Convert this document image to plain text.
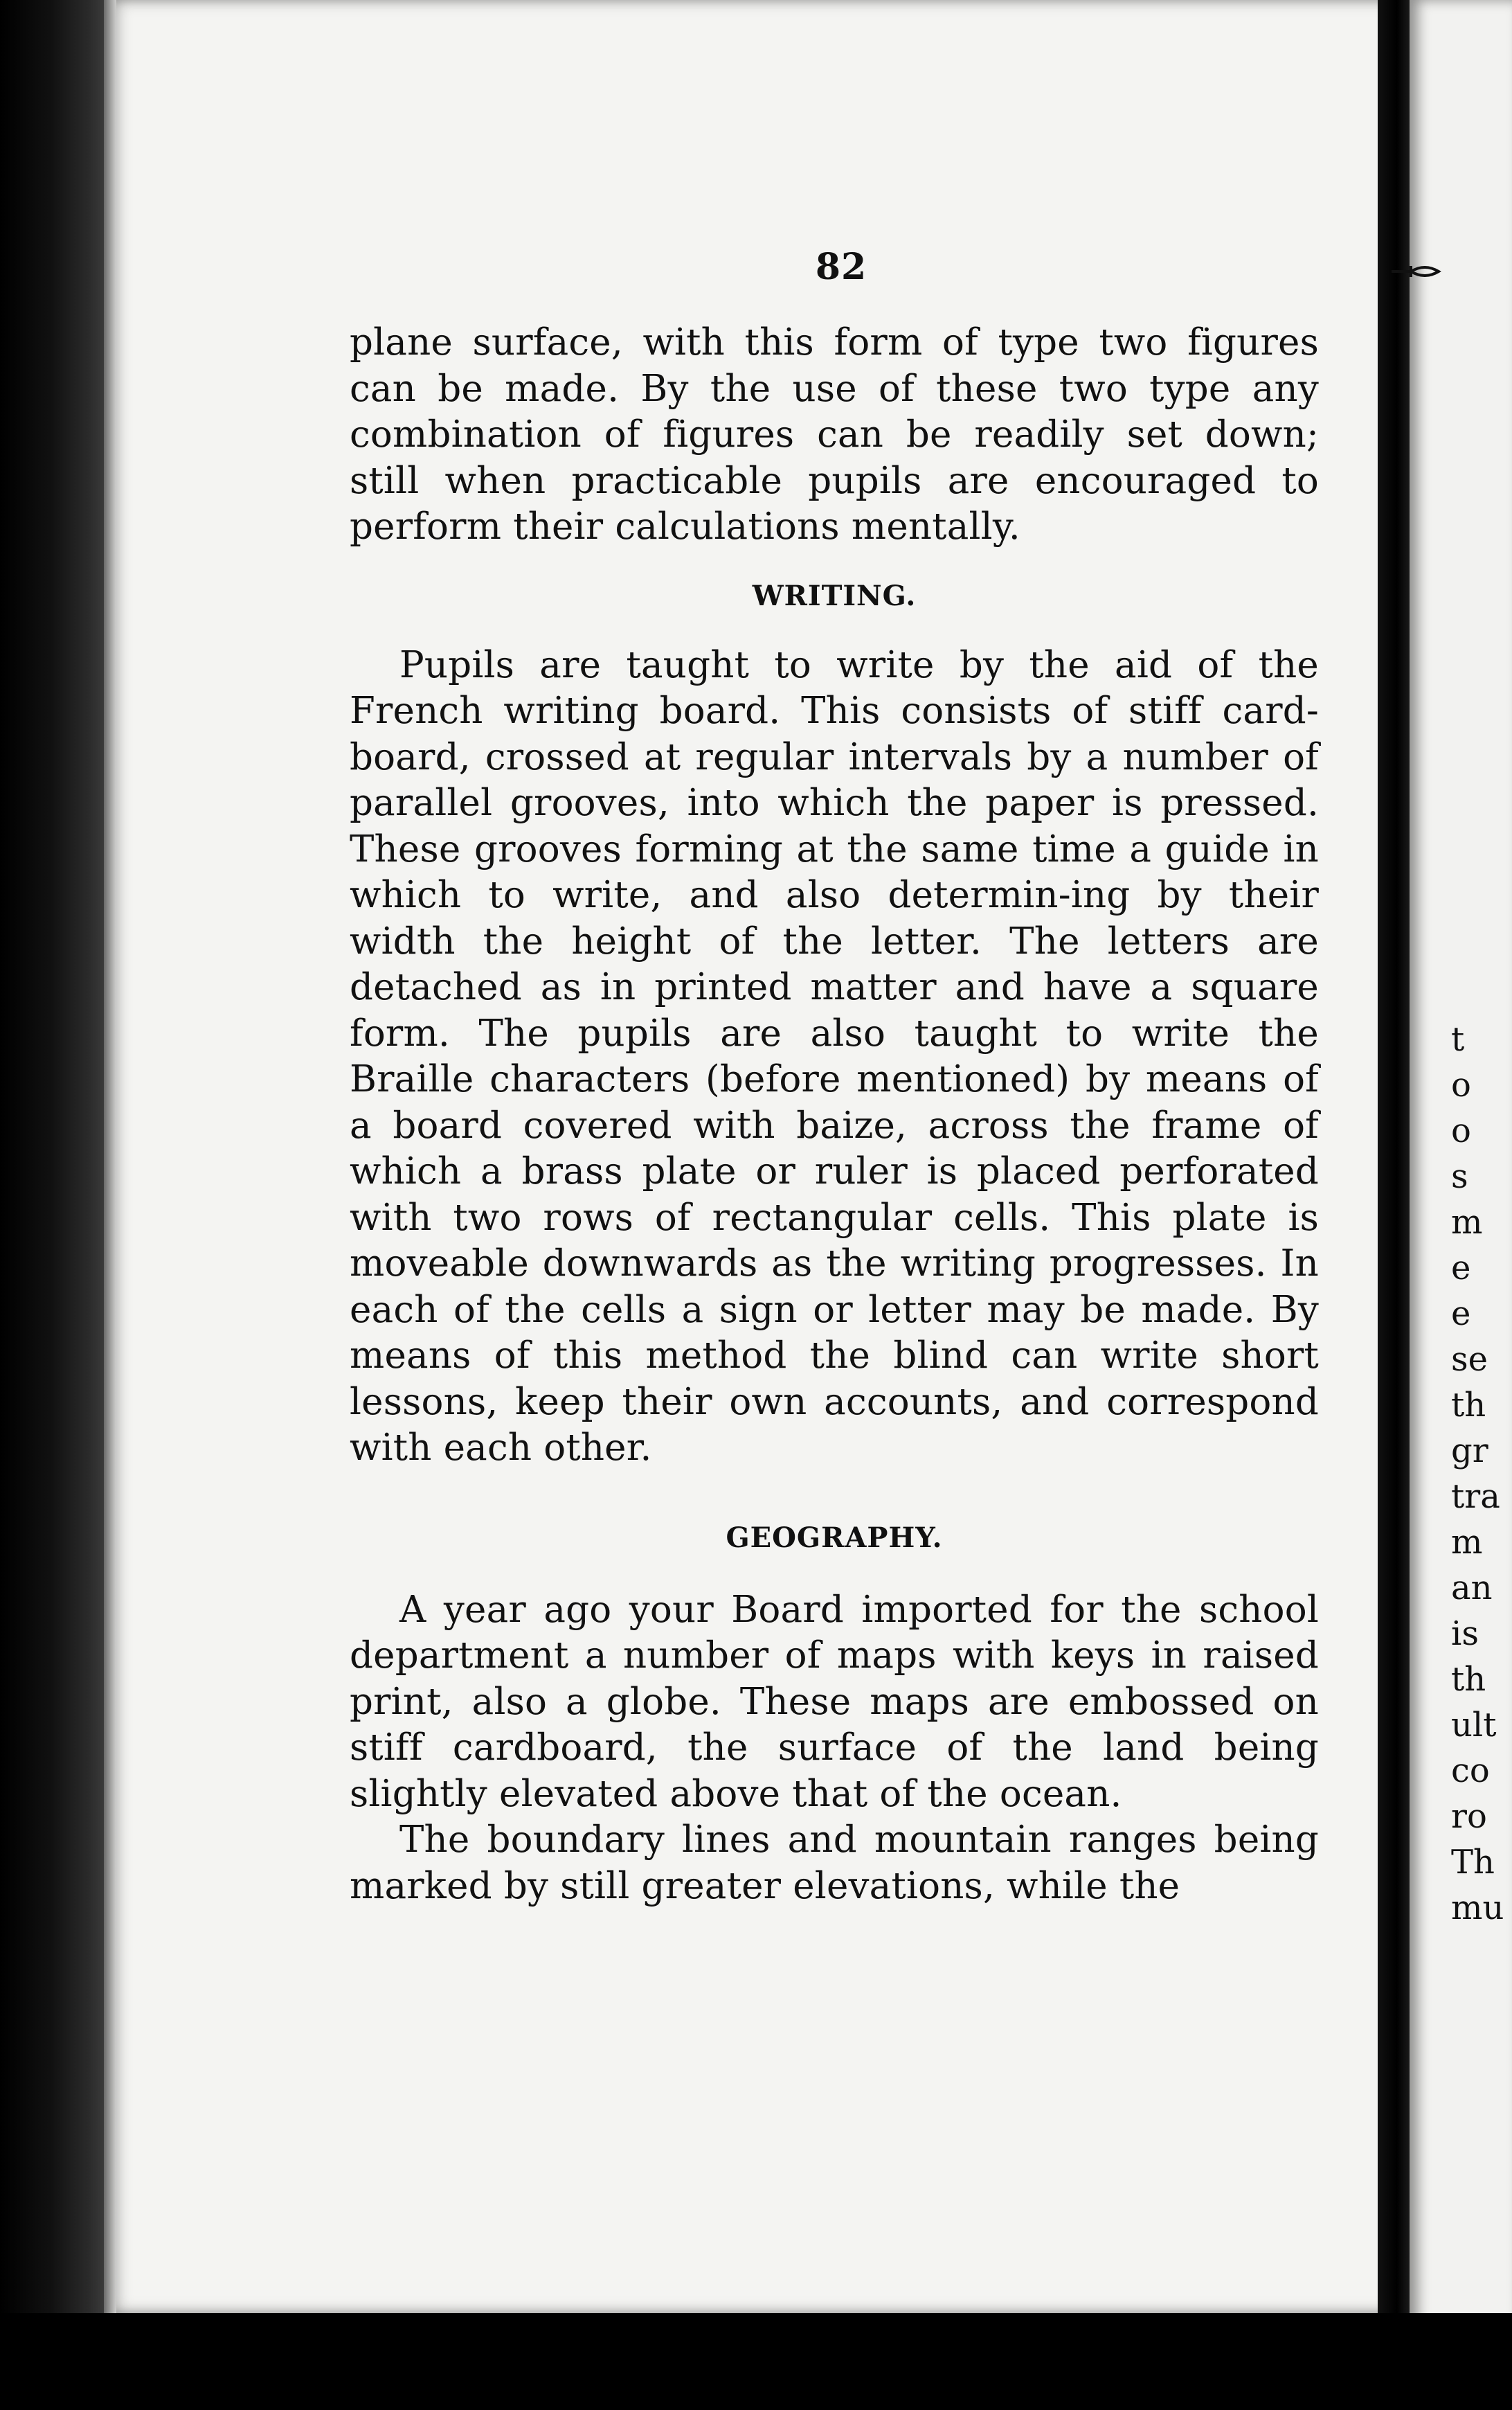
82

plane surface, with this form of type two figures can be made. By the use of these two type any combination of figures can be readily set down; still when practicable pupils are encouraged to perform their calculations mentally.

WRITING.

Pupils are taught to write by the aid of the French writing board. This consists of stiff card-board, crossed at regular intervals by a number of parallel grooves, into which the paper is pressed. These grooves forming at the same time a guide in which to write, and also determin-ing by their width the height of the letter. The letters are detached as in printed matter and have a square form. The pupils are also taught to write the Braille characters (before mentioned) by means of a board covered with baize, across the frame of which a brass plate or ruler is placed perforated with two rows of rectangular cells. This plate is moveable downwards as the writing progresses. In each of the cells a sign or letter may be made. By means of this method the blind can write short lessons, keep their own accounts, and correspond with each other.

GEOGRAPHY.

A year ago your Board imported for the school department a number of maps with keys in raised print, also a globe. These maps are embossed on stiff cardboard, the surface of the land being slightly elevated above that of the ocean.

The boundary lines and mountain ranges being marked by still greater elevations, while the

t
o
o
s
m
e
e
se
th
gr
tra
m
an
is
th
ult
co
ro
Th
mu
